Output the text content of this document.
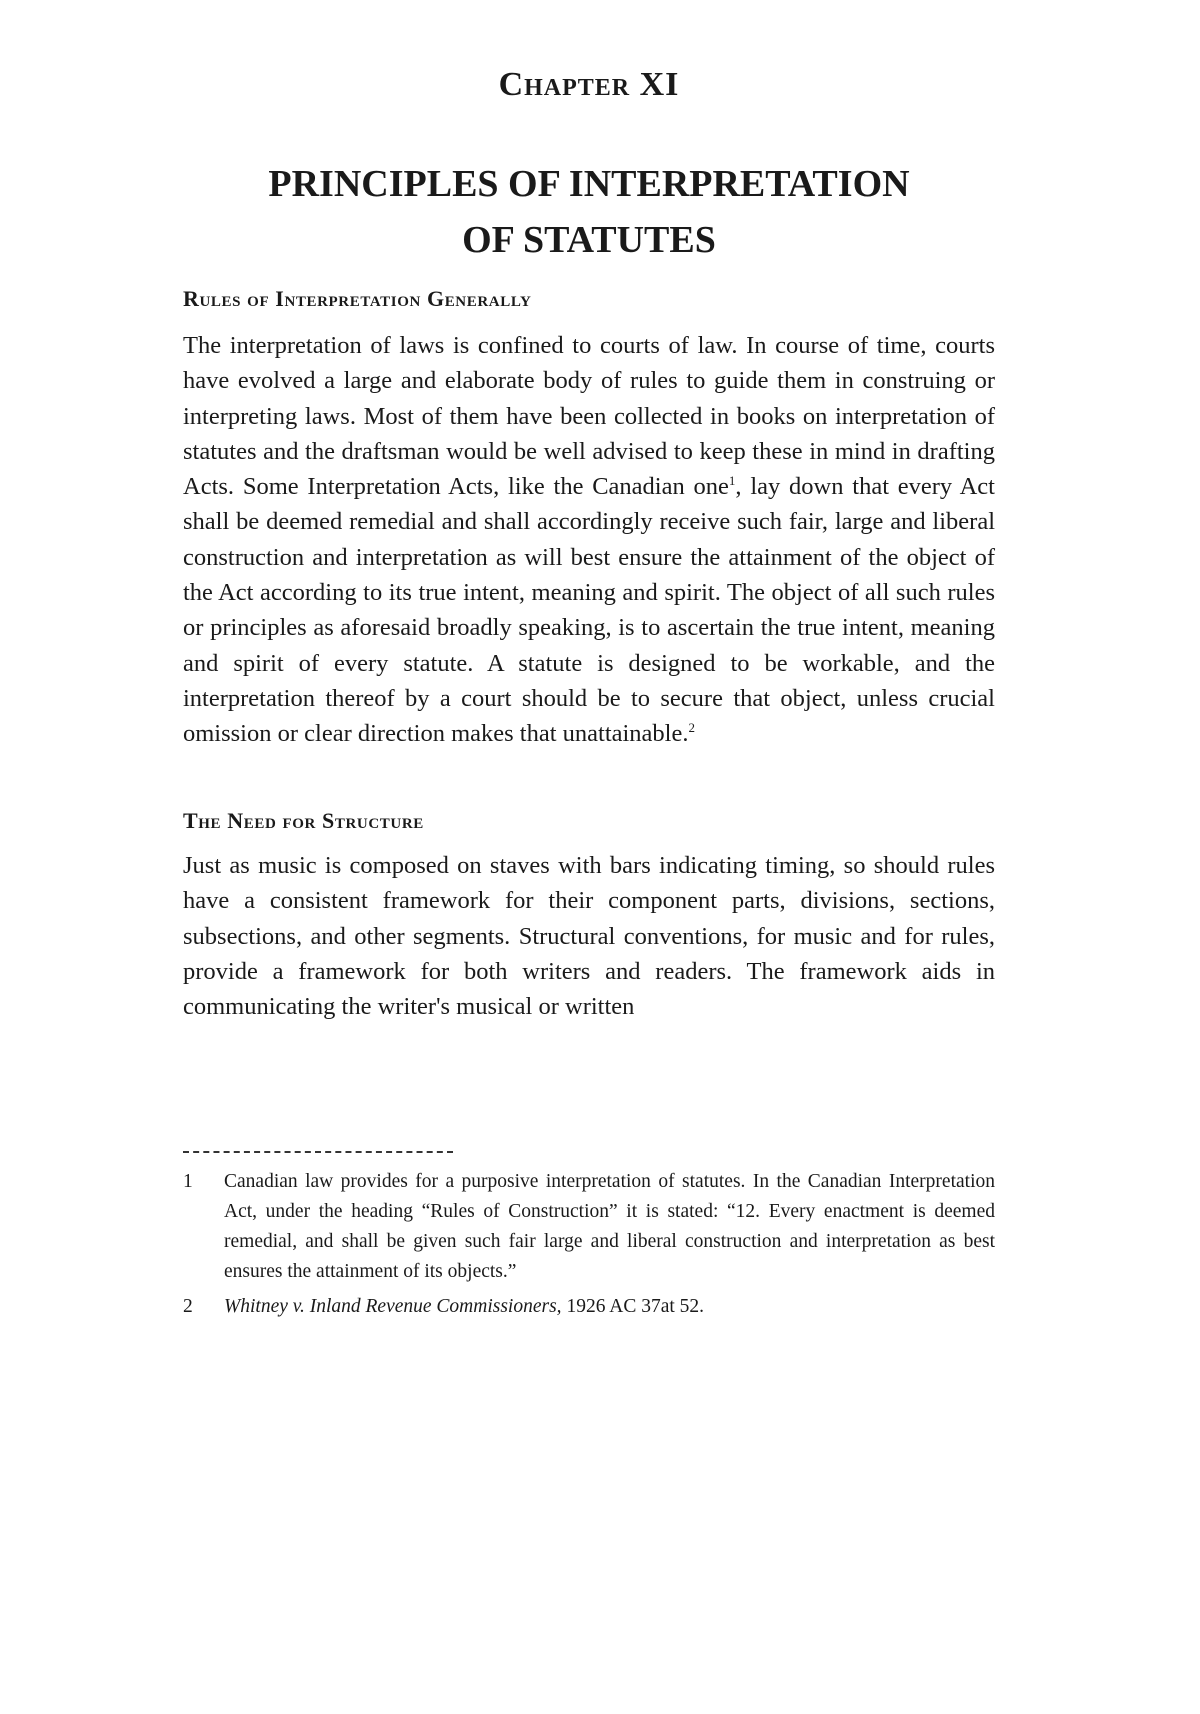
Chapter XI
PRINCIPLES OF INTERPRETATION
OF STATUTES
Rules of Interpretation Generally

The interpretation of laws is confined to courts of law. In course of time, courts have evolved a large and elaborate body of rules to guide them in construing or interpreting laws. Most of them have been collected in books on interpretation of statutes and the draftsman would be well advised to keep these in mind in drafting Acts. Some Interpretation Acts, like the Canadian one$^1$, lay down that every Act shall be deemed remedial and shall accordingly receive such fair, large and liberal construction and interpretation as will best ensure the attainment of the object of the Act according to its true intent, meaning and spirit. The object of all such rules or principles as aforesaid broadly speaking, is to ascertain the true intent, meaning and spirit of every statute. A statute is designed to be workable, and the interpretation thereof by a court should be to secure that object, unless crucial omission or clear direction makes that unattainable.$^2$

The Need for Structure

Just as music is composed on staves with bars indicating timing, so should rules have a consistent framework for their component parts, divisions, sections, subsections, and other segments. Structural conventions, for music and for rules, provide a framework for both writers and readers. The framework aids in communicating the writer's musical or written

1	Canadian law provides for a purposive interpretation of statutes. In the Canadian Interpretation Act, under the heading “Rules of Construction” it is stated: “12. Every enactment is deemed remedial, and shall be given such fair large and liberal construction and interpretation as best ensures the attainment of its objects.”
2	Whitney v. Inland Revenue Commissioners, 1926 AC 37at 52.
